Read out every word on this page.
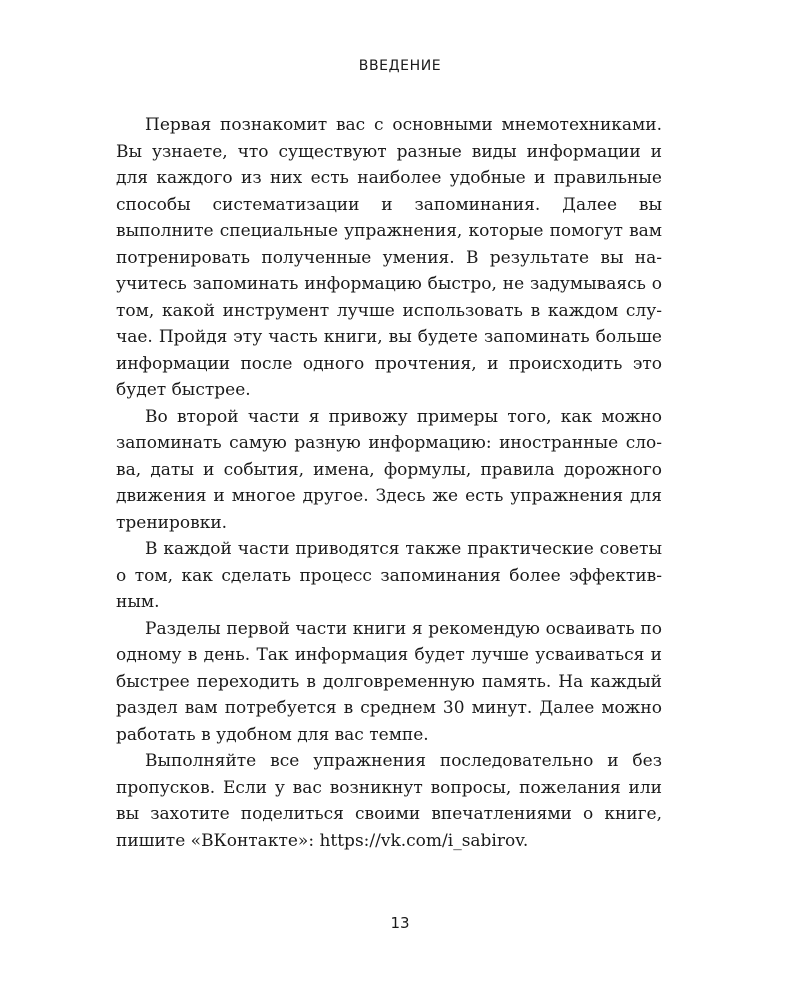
ВВЕДЕНИЕ

Первая познакомит вас с основными мнемотехниками. Вы узнаете, что существуют разные виды информации и для каждого из них есть наиболее удобные и правильные способы систематизации и запоминания. Далее вы выполните специальные упражнения, которые помогут вам потренировать полученные умения. В результате вы научитесь запоминать информацию быстро, не задумываясь о том, какой инструмент лучше использовать в каждом случае. Пройдя эту часть книги, вы будете запоминать больше информации после одного прочтения, и происходить это будет быстрее.

Во второй части я привожу примеры того, как можно запоминать самую разную информацию: иностранные слова, даты и события, имена, формулы, правила дорожного движения и многое другое. Здесь же есть упражнения для тренировки.

В каждой части приводятся также практические советы о том, как сделать процесс запоминания более эффективным.

Разделы первой части книги я рекомендую осваивать по одному в день. Так информация будет лучше усваиваться и быстрее переходить в долговременную память. На каждый раздел вам потребуется в среднем 30 минут. Далее можно работать в удобном для вас темпе.

Выполняйте все упражнения последовательно и без пропусков. Если у вас возникнут вопросы, пожелания или вы захотите поделиться своими впечатлениями о книге, пишите «ВКонтакте»: https://vk.com/i_sabirov.

13
